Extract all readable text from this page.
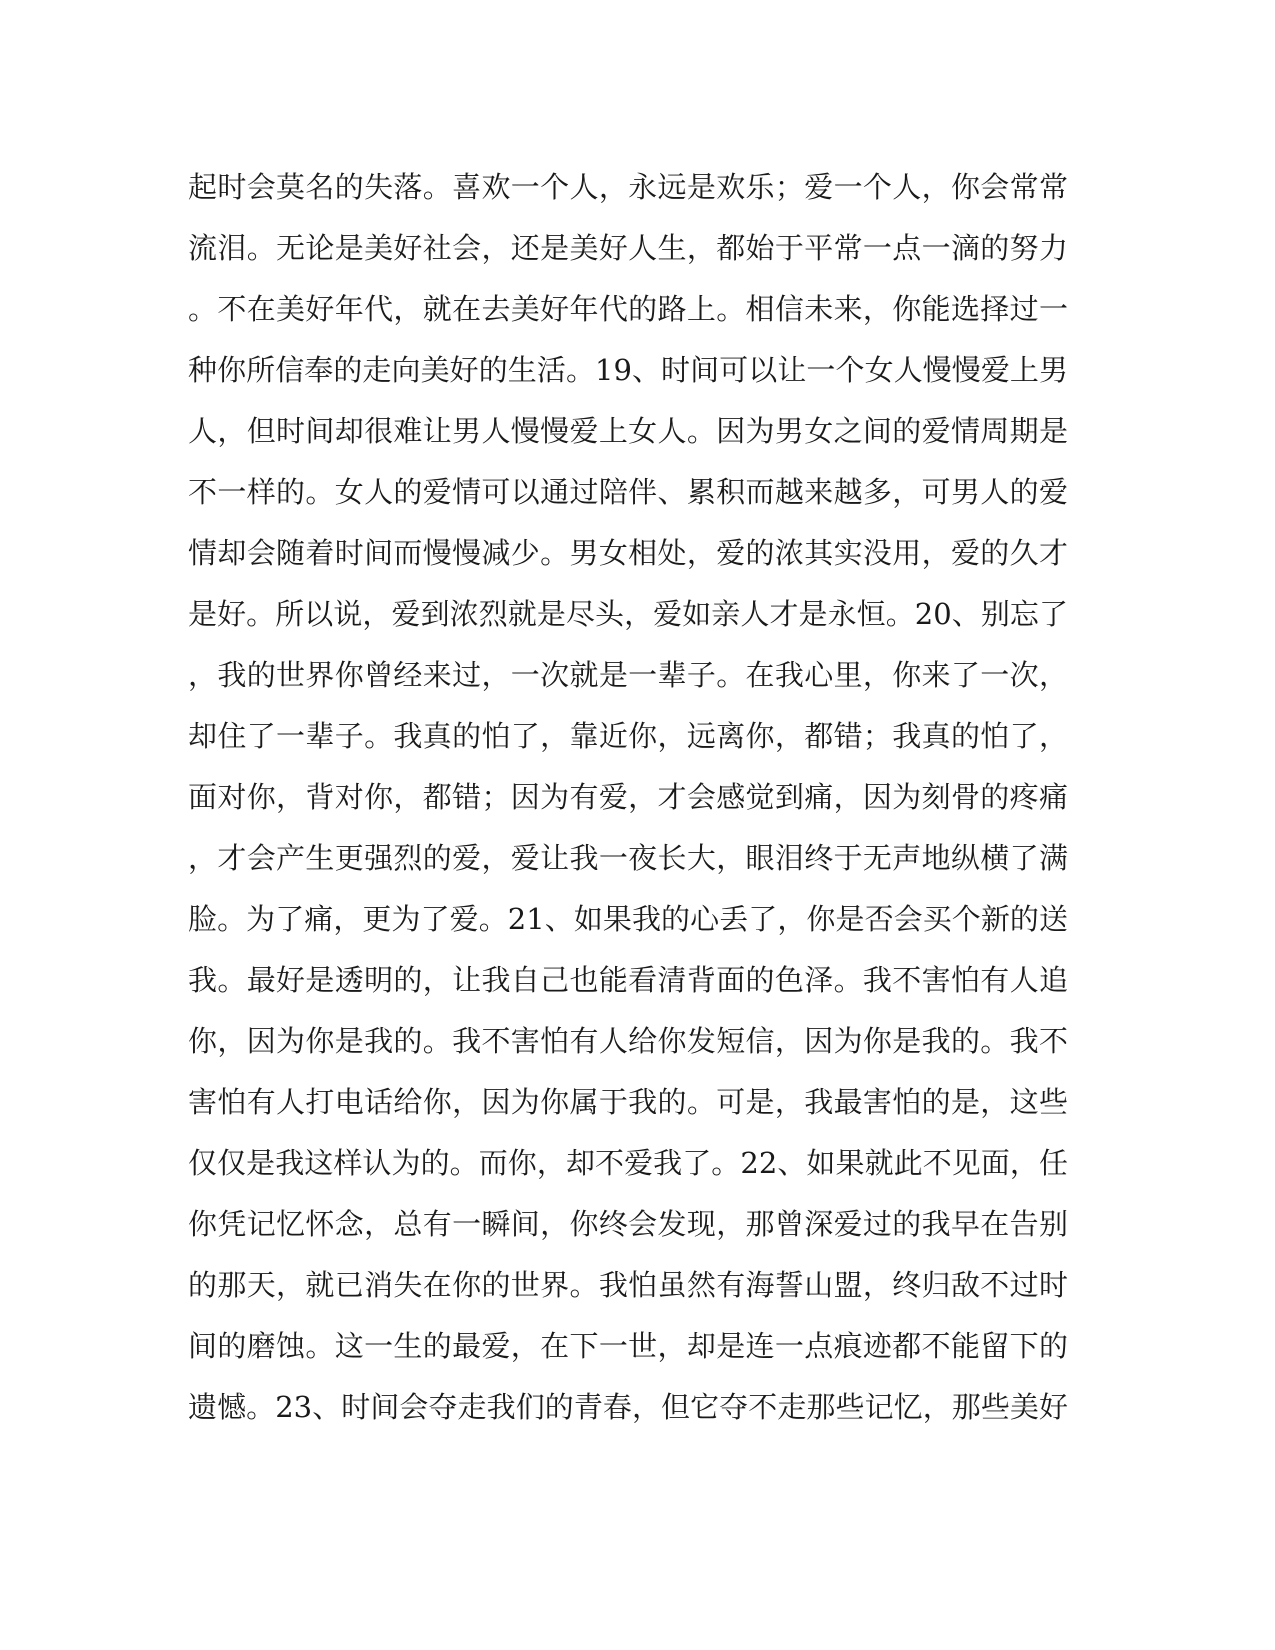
起时会莫名的失落。喜欢一个人，永远是欢乐；爱一个人，你会常常
流泪。无论是美好社会，还是美好人生，都始于平常一点一滴的努力
。不在美好年代，就在去美好年代的路上。相信未来，你能选择过一
种你所信奉的走向美好的生活。19、时间可以让一个女人慢慢爱上男
人，但时间却很难让男人慢慢爱上女人。因为男女之间的爱情周期是
不一样的。女人的爱情可以通过陪伴、累积而越来越多，可男人的爱
情却会随着时间而慢慢减少。男女相处，爱的浓其实没用，爱的久才
是好。所以说，爱到浓烈就是尽头，爱如亲人才是永恒。20、别忘了
，我的世界你曾经来过，一次就是一辈子。在我心里，你来了一次，
却住了一辈子。我真的怕了，靠近你，远离你，都错；我真的怕了，
面对你，背对你，都错；因为有爱，才会感觉到痛，因为刻骨的疼痛
，才会产生更强烈的爱，爱让我一夜长大，眼泪终于无声地纵横了满
脸。为了痛，更为了爱。21、如果我的心丢了，你是否会买个新的送
我。最好是透明的，让我自己也能看清背面的色泽。我不害怕有人追
你，因为你是我的。我不害怕有人给你发短信，因为你是我的。我不
害怕有人打电话给你，因为你属于我的。可是，我最害怕的是，这些
仅仅是我这样认为的。而你，却不爱我了。22、如果就此不见面，任
你凭记忆怀念，总有一瞬间，你终会发现，那曾深爱过的我早在告别
的那天，就已消失在你的世界。我怕虽然有海誓山盟，终归敌不过时
间的磨蚀。这一生的最爱，在下一世，却是连一点痕迹都不能留下的
遗憾。23、时间会夺走我们的青春，但它夺不走那些记忆，那些美好
